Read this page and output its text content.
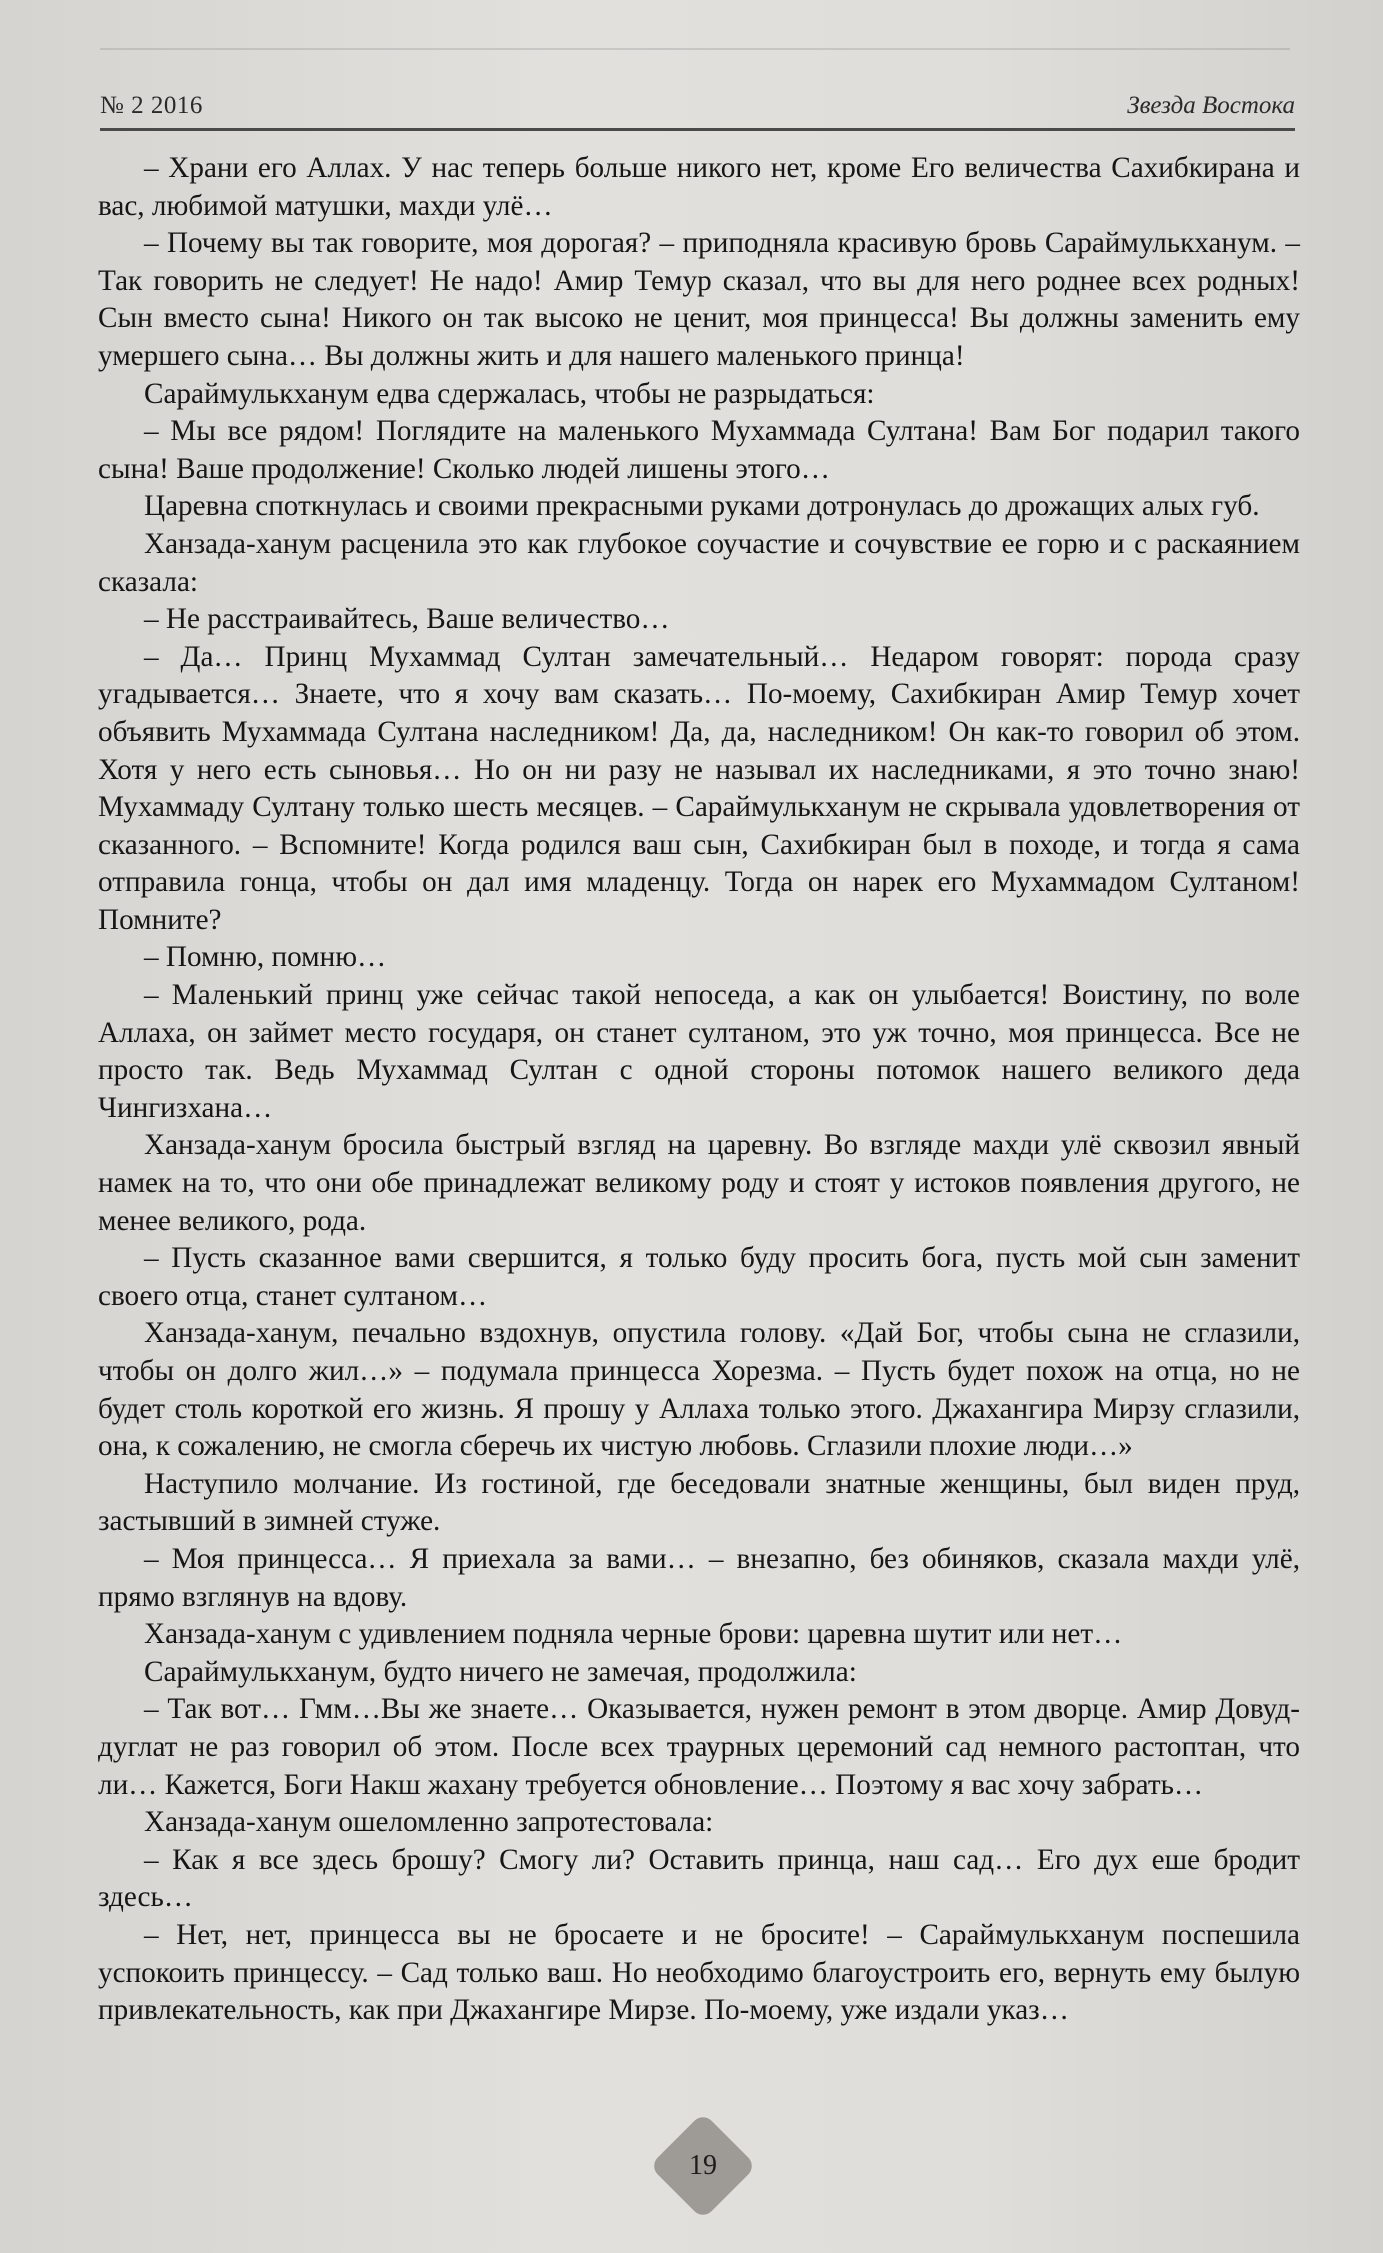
№ 2 2016	Звезда Востока

– Храни его Аллах. У нас теперь больше никого нет, кроме Его величества Сахибкирана и вас, любимой матушки, махди улё…

– Почему вы так говорите, моя дорогая? – приподняла красивую бровь Сараймулькханум. – Так говорить не следует! Не надо! Амир Темур сказал, что вы для него роднее всех родных! Сын вместо сына! Никого он так высоко не ценит, моя принцесса! Вы должны заменить ему умершего сына… Вы должны жить и для нашего маленького принца!

Сараймулькханум едва сдержалась, чтобы не разрыдаться:

– Мы все рядом! Поглядите на маленького Мухаммада Султана! Вам Бог подарил такого сына! Ваше продолжение! Сколько людей лишены этого…

Царевна споткнулась и своими прекрасными руками дотронулась до дрожащих алых губ.

Ханзада-ханум расценила это как глубокое соучастие и сочувствие ее горю и с раскаянием сказала:

– Не расстраивайтесь, Ваше величество…

– Да… Принц Мухаммад Султан замечательный… Недаром говорят: порода сразу угадывается… Знаете, что я хочу вам сказать… По-моему, Сахибкиран Амир Темур хочет объявить Мухаммада Султана наследником! Да, да, наследником! Он как-то говорил об этом. Хотя у него есть сыновья… Но он ни разу не называл их наследниками, я это точно знаю! Мухаммаду Султану только шесть месяцев. – Сараймулькханум не скрывала удовлетворения от сказанного. – Вспомните! Когда родился ваш сын, Сахибкиран был в походе, и тогда я сама отправила гонца, чтобы он дал имя младенцу. Тогда он нарек его Мухаммадом Султаном! Помните?

– Помню, помню…

– Маленький принц уже сейчас такой непоседа, а как он улыбается! Воистину, по воле Аллаха, он займет место государя, он станет султаном, это уж точно, моя принцесса. Все не просто так. Ведь Мухаммад Султан с одной стороны потомок нашего великого деда Чингизхана…

Ханзада-ханум бросила быстрый взгляд на царевну. Во взгляде махди улё сквозил явный намек на то, что они обе принадлежат великому роду и стоят у истоков появления другого, не менее великого, рода.

– Пусть сказанное вами свершится, я только буду просить бога, пусть мой сын заменит своего отца, станет султаном…

Ханзада-ханум, печально вздохнув, опустила голову. «Дай Бог, чтобы сына не сглазили, чтобы он долго жил…» – подумала принцесса Хорезма. – Пусть будет похож на отца, но не будет столь короткой его жизнь. Я прошу у Аллаха только этого. Джахангира Мирзу сглазили, она, к сожалению, не смогла сберечь их чистую любовь. Сглазили плохие люди…»

Наступило молчание. Из гостиной, где беседовали знатные женщины, был виден пруд, застывший в зимней стуже.

– Моя принцесса… Я приехала за вами… – внезапно, без обиняков, сказала махди улё, прямо взглянув на вдову.

Ханзада-ханум с удивлением подняла черные брови: царевна шутит или нет…

Сараймулькханум, будто ничего не замечая, продолжила:

– Так вот… Гмм…Вы же знаете… Оказывается, нужен ремонт в этом дворце. Амир Довуд-дуглат не раз говорил об этом. После всех траурных церемоний сад немного растоптан, что ли… Кажется, Боги Накш жахану требуется обновление… Поэтому я вас хочу забрать…

Ханзада-ханум ошеломленно запротестовала:

– Как я все здесь брошу? Смогу ли? Оставить принца, наш сад… Его дух еше бродит здесь…

– Нет, нет, принцесса вы не бросаете и не бросите! – Сараймулькханум поспешила успокоить принцессу. – Сад только ваш. Но необходимо благоустроить его, вернуть ему былую привлекательность, как при Джахангире Мирзе. По-моему, уже издали указ…

19
